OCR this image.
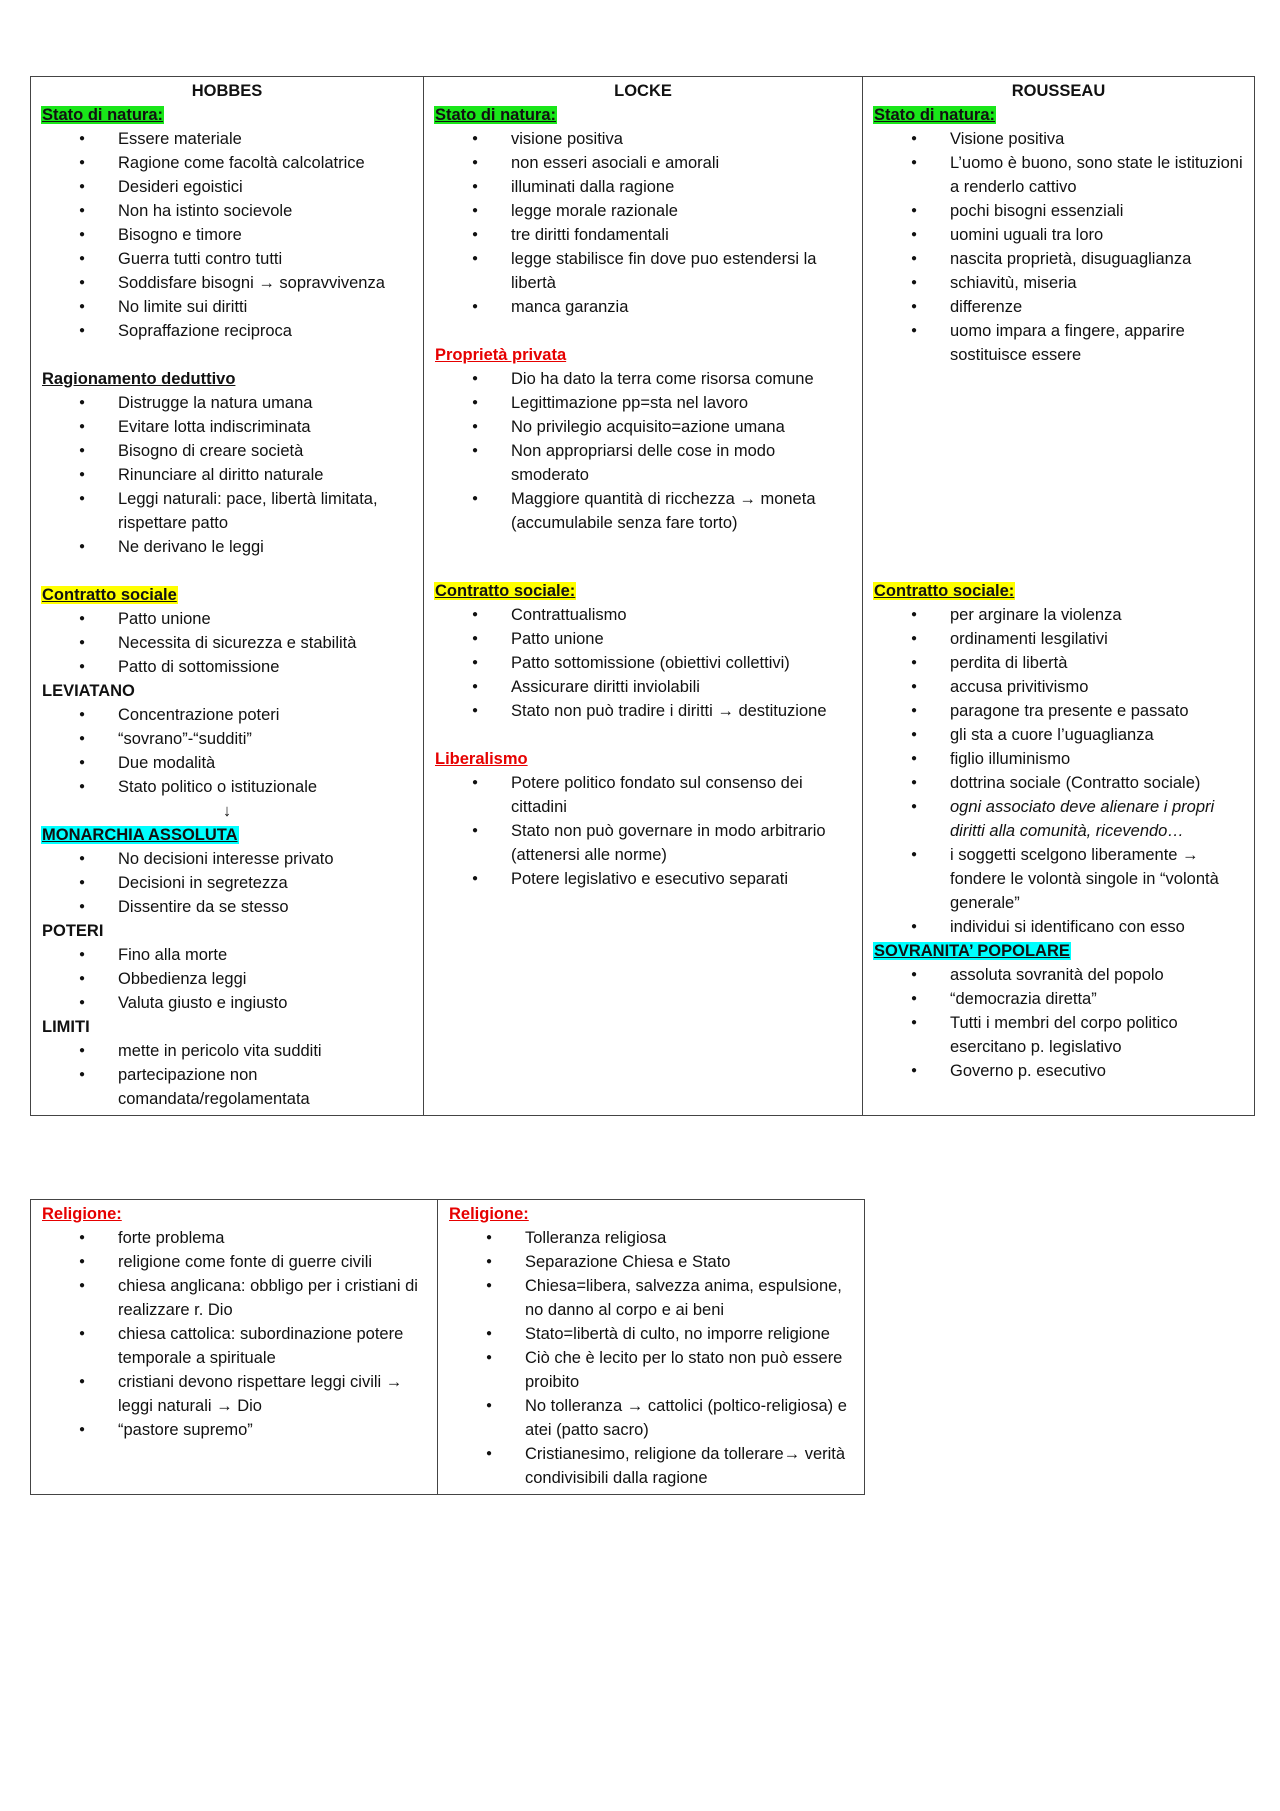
HOBBES
Stato di natura:
● Essere materiale
● Ragione come facoltà calcolatrice
● Desideri egoistici
● Non ha istinto socievole
● Bisogno e timore
● Guerra tutti contro tutti
● Soddisfare bisogni → sopravvivenza
● No limite sui diritti
● Sopraffazione reciproca
Ragionamento deduttivo
● Distrugge la natura umana
● Evitare lotta indiscriminata
● Bisogno di creare società
● Rinunciare al diritto naturale
● Leggi naturali: pace, libertà limitata, rispettare patto
● Ne derivano le leggi
Contratto sociale
● Patto unione
● Necessita di sicurezza e stabilità
● Patto di sottomissione
LEVIATANO
● Concentrazione poteri
● “sovrano”-“sudditi”
● Due modalità
● Stato politico o istituzionale
↓
MONARCHIA ASSOLUTA
● No decisioni interesse privato
● Decisioni in segretezza
● Dissentire da se stesso
POTERI
● Fino alla morte
● Obbedienza leggi
● Valuta giusto e ingiusto
LIMITI
● mette in pericolo vita sudditi
● partecipazione non comandata/regolamentata

LOCKE
Stato di natura:
● visione positiva
● non esseri asociali e amorali
● illuminati dalla ragione
● legge morale razionale
● tre diritti fondamentali
● legge stabilisce fin dove puo estendersi la libertà
● manca garanzia
Proprietà privata
● Dio ha dato la terra come risorsa comune
● Legittimazione pp=sta nel lavoro
● No privilegio acquisito=azione umana
● Non appropriarsi delle cose in modo smoderato
● Maggiore quantità di ricchezza → moneta (accumulabile senza fare torto)
Contratto sociale:
● Contrattualismo
● Patto unione
● Patto sottomissione (obiettivi collettivi)
● Assicurare diritti inviolabili
● Stato non può tradire i diritti → destituzione
Liberalismo
● Potere politico fondato sul consenso dei cittadini
● Stato non può governare in modo arbitrario (attenersi alle norme)
● Potere legislativo e esecutivo separati

ROUSSEAU
Stato di natura:
● Visione positiva
● L’uomo è buono, sono state le istituzioni a renderlo cattivo
● pochi bisogni essenziali
● uomini uguali tra loro
● nascita proprietà, disuguaglianza
● schiavitù, miseria
● differenze
● uomo impara a fingere, apparire sostituisce essere
Contratto sociale:
● per arginare la violenza
● ordinamenti lesgilativi
● perdita di libertà
● accusa privitivismo
● paragone tra presente e passato
● gli sta a cuore l’uguaglianza
● figlio illuminismo
● dottrina sociale (Contratto sociale)
● ogni associato deve alienare i propri diritti alla comunità, ricevendo…
● i soggetti scelgono liberamente → fondere le volontà singole in “volontà generale”
● individui si identificano con esso
SOVRANITA’ POPOLARE
● assoluta sovranità del popolo
● “democrazia diretta”
● Tutti i membri del corpo politico esercitano p. legislativo
● Governo p. esecutivo
Religione:
● forte problema
● religione come fonte di guerre civili
● chiesa anglicana: obbligo per i cristiani di realizzare r. Dio
● chiesa cattolica: subordinazione potere temporale a spirituale
● cristiani devono rispettare leggi civili → leggi naturali → Dio
● “pastore supremo”
	Religione:
● Tolleranza religiosa
● Separazione Chiesa e Stato
● Chiesa=libera, salvezza anima, espulsione, no danno al corpo e ai beni
● Stato=libertà di culto, no imporre religione
● Ciò che è lecito per lo stato non può essere proibito
● No tolleranza → cattolici (poltico-religiosa) e atei (patto sacro)
● Cristianesimo, religione da tollerare→ verità condivisibili dalla ragione
